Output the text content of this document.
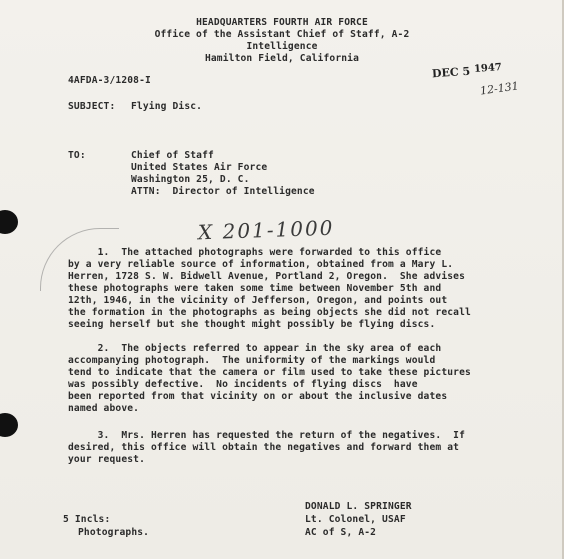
HEADQUARTERS FOURTH AIR FORCE
Office of the Assistant Chief of Staff, A-2
Intelligence
Hamilton Field, California
DEC 5 1947
12-131
4AFDA-3/1208-I
SUBJECT: Flying Disc.
TO:	Chief of Staff
United States Air Force
Washington 25, D. C.
ATTN:  Director of Intelligence
X 201-1000
1.  The attached photographs were forwarded to this office
by a very reliable source of information, obtained from a Mary L.
Herren, 1728 S. W. Bidwell Avenue, Portland 2, Oregon.  She advises
these photographs were taken some time between November 5th and
12th, 1946, in the vicinity of Jefferson, Oregon, and points out
the formation in the photographs as being objects she did not recall
seeing herself but she thought might possibly be flying discs.
2.  The objects referred to appear in the sky area of each
accompanying photograph.  The uniformity of the markings would
tend to indicate that the camera or film used to take these pictures
was possibly defective.  No incidents of flying discs  have
been reported from that vicinity on or about the inclusive dates
named above.
3.  Mrs. Herren has requested the return of the negatives.  If
desired, this office will obtain the negatives and forward them at
your request.
DONALD L. SPRINGER
Lt. Colonel, USAF
AC of S, A-2
5 Incls:
Photographs.
